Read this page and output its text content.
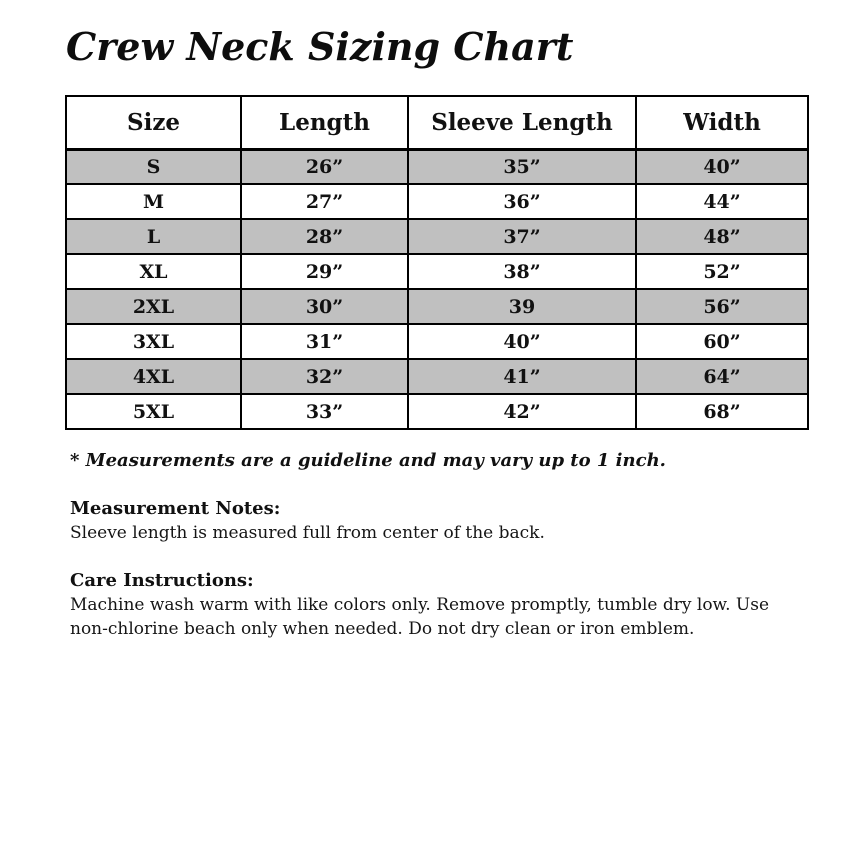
Crew Neck Sizing Chart
Size	Length	Sleeve Length	Width
S	26”	35”	40”
M	27”	36”	44”
L	28”	37”	48”
XL	29”	38”	52”
2XL	30”	39	56”
3XL	31”	40”	60”
4XL	32”	41”	64”
5XL	33”	42”	68”
* Measurements are a guideline and may vary up to 1 inch.
Measurement Notes:
Sleeve length is measured full from center of the back.
Care Instructions:
Machine wash warm with like colors only. Remove promptly, tumble dry low. Use non-chlorine beach only when needed. Do not dry clean or iron emblem.
